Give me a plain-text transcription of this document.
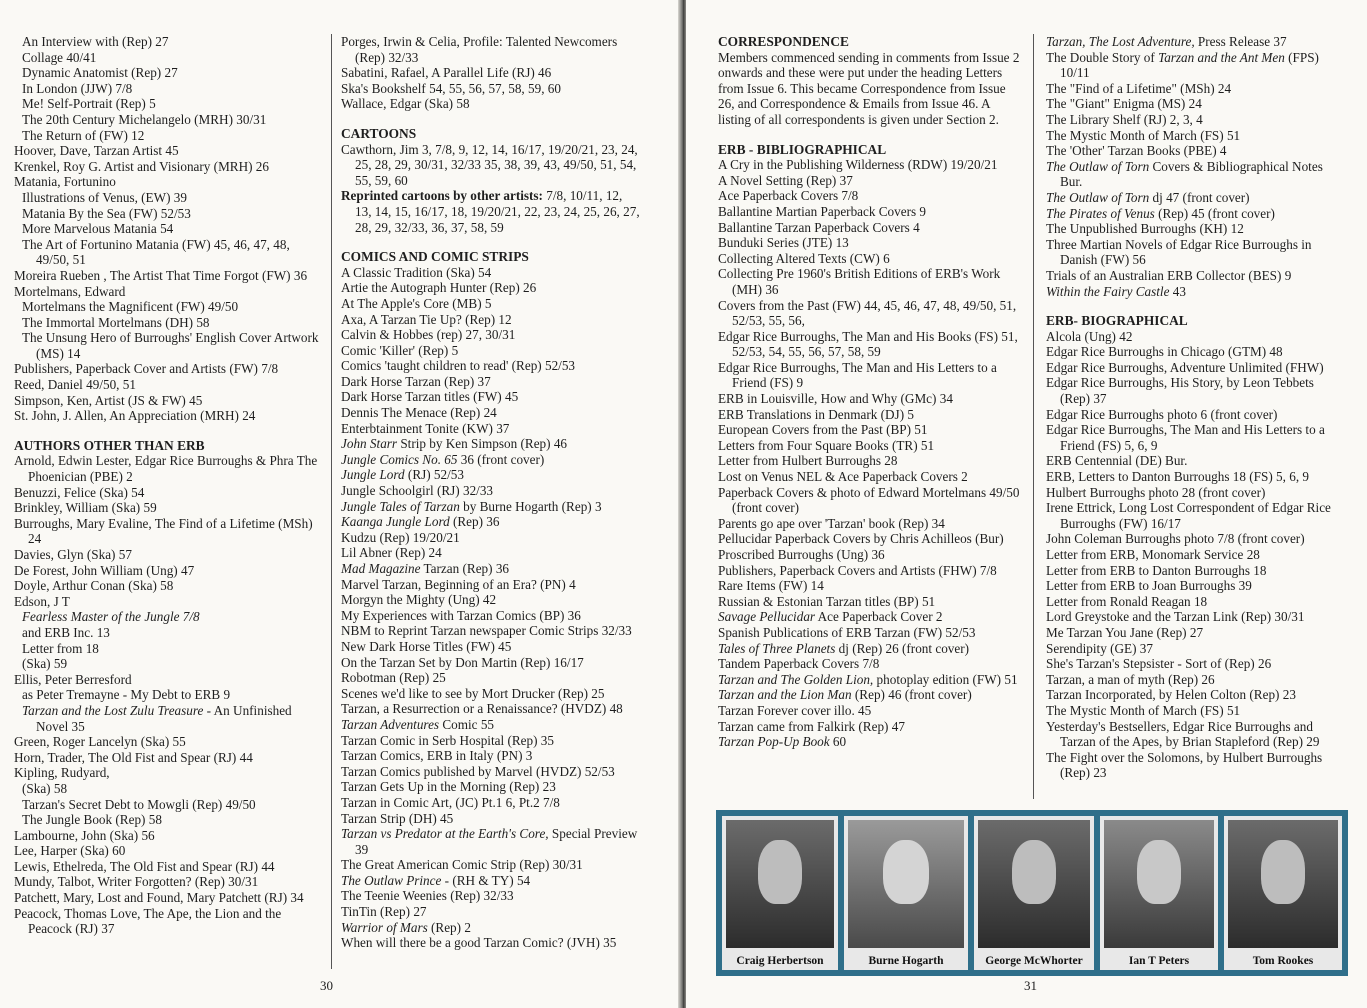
An Interview with (Rep) 27

Collage 40/41

Dynamic Anatomist (Rep) 27

In London (JJW) 7/8

Me! Self-Portrait (Rep) 5

The 20th Century Michelangelo (MRH) 30/31

The Return of (FW) 12

Hoover, Dave, Tarzan Artist 45

Krenkel, Roy G. Artist and Visionary (MRH) 26

Matania, Fortunino

Illustrations of Venus, (EW) 39

Matania By the Sea (FW) 52/53

More Marvelous Matania 54

The Art of Fortunino Matania (FW) 45, 46, 47, 48, 49/50, 51

Moreira Rueben , The Artist That Time Forgot (FW) 36

Mortelmans, Edward

Mortelmans the Magnificent (FW) 49/50

The Immortal Mortelmans (DH) 58

The Unsung Hero of Burroughs' English Cover Artwork (MS) 14

Publishers, Paperback Cover and Artists (FW) 7/8

Reed, Daniel 49/50, 51

Simpson, Ken, Artist (JS & FW) 45

St. John, J. Allen, An Appreciation (MRH) 24

AUTHORS OTHER THAN ERB

Arnold, Edwin Lester, Edgar Rice Burroughs & Phra The Phoenician (PBE) 2

Benuzzi, Felice (Ska) 54

Brinkley, William (Ska) 59

Burroughs, Mary Evaline, The Find of a Lifetime (MSh) 24

Davies, Glyn (Ska) 57

De Forest, John William (Ung) 47

Doyle, Arthur Conan (Ska) 58

Edson, J T

Fearless Master of the Jungle 7/8

and ERB Inc. 13

Letter from 18

(Ska) 59

Ellis, Peter Berresford

as Peter Tremayne - My Debt to ERB 9

Tarzan and the Lost Zulu Treasure - An Unfinished Novel 35

Green, Roger Lancelyn (Ska) 55

Horn, Trader, The Old Fist and Spear (RJ) 44

Kipling, Rudyard,

(Ska) 58

Tarzan's Secret Debt to Mowgli (Rep) 49/50

The Jungle Book (Rep) 58

Lambourne, John (Ska) 56

Lee, Harper (Ska) 60

Lewis, Ethelreda, The Old Fist and Spear (RJ) 44

Mundy, Talbot, Writer Forgotten? (Rep) 30/31

Patchett, Mary, Lost and Found, Mary Patchett (RJ) 34

Peacock, Thomas Love, The Ape, the Lion and the Peacock (RJ) 37

Porges, Irwin & Celia, Profile: Talented Newcomers (Rep) 32/33

Sabatini, Rafael, A Parallel Life (RJ) 46

Ska's Bookshelf 54, 55, 56, 57, 58, 59, 60

Wallace, Edgar (Ska) 58

CARTOONS

Cawthorn, Jim 3, 7/8, 9, 12, 14, 16/17, 19/20/21, 23, 24, 25, 28, 29, 30/31, 32/33 35, 38, 39, 43, 49/50, 51, 54, 55, 59, 60

Reprinted cartoons by other artists: 7/8, 10/11, 12, 13, 14, 15, 16/17, 18, 19/20/21, 22, 23, 24, 25, 26, 27, 28, 29, 32/33, 36, 37, 58, 59

COMICS AND COMIC STRIPS

A Classic Tradition (Ska) 54

Artie the Autograph Hunter (Rep) 26

At The Apple's Core (MB) 5

Axa, A Tarzan Tie Up? (Rep) 12

Calvin & Hobbes (rep) 27, 30/31

Comic 'Killer' (Rep) 5

Comics 'taught children to read' (Rep) 52/53

Dark Horse Tarzan (Rep) 37

Dark Horse Tarzan titles (FW) 45

Dennis The Menace (Rep) 24

Enterbtainment Tonite (KW) 37

John Starr Strip by Ken Simpson (Rep) 46

Jungle Comics No. 65 36 (front cover)

Jungle Lord (RJ) 52/53

Jungle Schoolgirl (RJ) 32/33

Jungle Tales of Tarzan by Burne Hogarth (Rep) 3

Kaanga Jungle Lord (Rep) 36

Kudzu (Rep) 19/20/21

Lil Abner (Rep) 24

Mad Magazine Tarzan (Rep) 36

Marvel Tarzan, Beginning of an Era? (PN) 4

Morgyn the Mighty (Ung) 42

My Experiences with Tarzan Comics (BP) 36

NBM to Reprint Tarzan newspaper Comic Strips 32/33

New Dark Horse Titles (FW) 45

On the Tarzan Set by Don Martin (Rep) 16/17

Robotman (Rep) 25

Scenes we'd like to see by Mort Drucker (Rep) 25

Tarzan, a Resurrection or a Renaissance? (HVDZ) 48

Tarzan Adventures Comic 55

Tarzan Comic in Serb Hospital (Rep) 35

Tarzan Comics, ERB in Italy (PN) 3

Tarzan Comics published by Marvel (HVDZ) 52/53

Tarzan Gets Up in the Morning (Rep) 23

Tarzan in Comic Art, (JC) Pt.1 6, Pt.2 7/8

Tarzan Strip (DH) 45

Tarzan vs Predator at the Earth's Core, Special Preview 39

The Great American Comic Strip (Rep) 30/31

The Outlaw Prince - (RH & TY) 54

The Teenie Weenies (Rep) 32/33

TinTin (Rep) 27

Warrior of Mars (Rep) 2

When will there be a good Tarzan Comic? (JVH) 35

30	31

CORRESPONDENCE

Members commenced sending in comments from Issue 2 onwards and these were put under the heading Letters from Issue 6. This became Correspondence from Issue 26, and Correspondence & Emails from Issue 46. A listing of all correspondents is given under Section 2.

ERB - BIBLIOGRAPHICAL

A Cry in the Publishing Wilderness (RDW) 19/20/21

A Novel Setting (Rep) 37

Ace Paperback Covers 7/8

Ballantine Martian Paperback Covers 9

Ballantine Tarzan Paperback Covers 4

Bunduki Series (JTE) 13

Collecting Altered Texts (CW) 6

Collecting Pre 1960's British Editions of ERB's Work (MH) 36

Covers from the Past (FW) 44, 45, 46, 47, 48, 49/50, 51, 52/53, 55, 56,

Edgar Rice Burroughs, The Man and His Books (FS) 51, 52/53, 54, 55, 56, 57, 58, 59

Edgar Rice Burroughs, The Man and His Letters to a Friend (FS) 9

ERB in Louisville, How and Why (GMc) 34

ERB Translations in Denmark (DJ) 5

European Covers from the Past (BP) 51

Letters from Four Square Books (TR) 51

Letter from Hulbert Burroughs 28

Lost on Venus NEL & Ace Paperback Covers 2

Paperback Covers & photo of Edward Mortelmans 49/50 (front cover)

Parents go ape over 'Tarzan' book (Rep) 34

Pellucidar Paperback Covers by Chris Achilleos (Bur)

Proscribed Burroughs (Ung) 36

Publishers, Paperback Covers and Artists (FHW) 7/8

Rare Items (FW) 14

Russian & Estonian Tarzan titles (BP) 51

Savage Pellucidar Ace Paperback Cover 2

Spanish Publications of ERB Tarzan (FW) 52/53

Tales of Three Planets dj (Rep) 26 (front cover)

Tandem Paperback Covers 7/8

Tarzan and The Golden Lion, photoplay edition (FW) 51

Tarzan and the Lion Man (Rep) 46 (front cover)

Tarzan Forever cover illo. 45

Tarzan came from Falkirk (Rep) 47

Tarzan Pop-Up Book 60

Tarzan, The Lost Adventure, Press Release 37

The Double Story of Tarzan and the Ant Men (FPS) 10/11

The "Find of a Lifetime" (MSh) 24

The "Giant" Enigma (MS) 24

The Library Shelf (RJ) 2, 3, 4

The Mystic Month of March (FS) 51

The 'Other' Tarzan Books (PBE) 4

The Outlaw of Torn Covers & Bibliographical Notes Bur.

The Outlaw of Torn dj 47 (front cover)

The Pirates of Venus (Rep) 45 (front cover)

The Unpublished Burroughs (KH) 12

Three Martian Novels of Edgar Rice Burroughs in Danish (FW) 56

Trials of an Australian ERB Collector (BES) 9

Within the Fairy Castle 43

ERB- BIOGRAPHICAL

Alcola (Ung) 42

Edgar Rice Burroughs in Chicago (GTM) 48

Edgar Rice Burroughs, Adventure Unlimited (FHW)

Edgar Rice Burroughs, His Story, by Leon Tebbets (Rep) 37

Edgar Rice Burroughs photo 6 (front cover)

Edgar Rice Burroughs, The Man and His Letters to a Friend (FS) 5, 6, 9

ERB Centennial (DE) Bur.

ERB, Letters to Danton Burroughs 18 (FS) 5, 6, 9

Hulbert Burroughs photo 28 (front cover)

Irene Ettrick, Long Lost Correspondent of Edgar Rice Burroughs (FW) 16/17

John Coleman Burroughs photo 7/8 (front cover)

Letter from ERB, Monomark Service 28

Letter from ERB to Danton Burroughs 18

Letter from ERB to Joan Burroughs 39

Letter from Ronald Reagan 18

Lord Greystoke and the Tarzan Link (Rep) 30/31

Me Tarzan You Jane (Rep) 27

Serendipity (GE) 37

She's Tarzan's Stepsister - Sort of (Rep) 26

Tarzan, a man of myth (Rep) 26

Tarzan Incorporated, by Helen Colton (Rep) 23

The Mystic Month of March (FS) 51

Yesterday's Bestsellers, Edgar Rice Burroughs and Tarzan of the Apes, by Brian Stapleford (Rep) 29

The Fight over the Solomons, by Hulbert Burroughs (Rep) 23

Craig Herbertson	Burne Hogarth	George McWhorter	Ian T Peters	Tom Rookes
